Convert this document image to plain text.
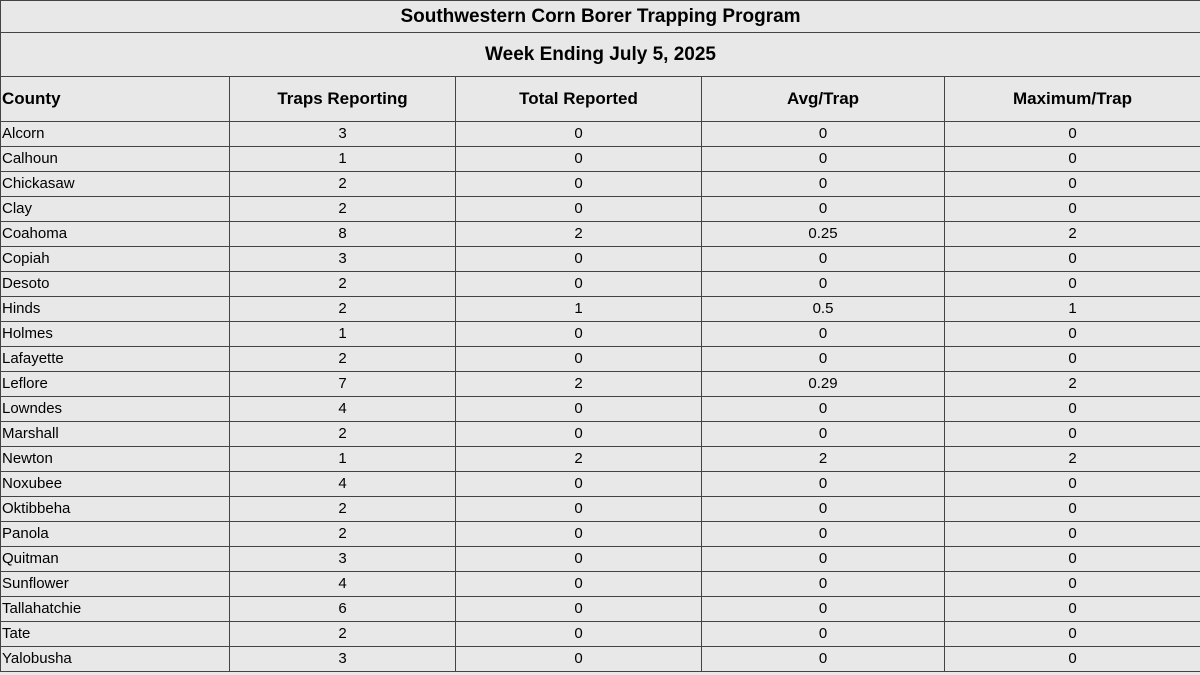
Southwestern Corn Borer Trapping Program				
Week Ending July 5, 2025				
County	Traps Reporting	Total Reported	Avg/Trap	Maximum/Trap
Alcorn	3	0	0	0
Calhoun	1	0	0	0
Chickasaw	2	0	0	0
Clay	2	0	0	0
Coahoma	8	2	0.25	2
Copiah	3	0	0	0
Desoto	2	0	0	0
Hinds	2	1	0.5	1
Holmes	1	0	0	0
Lafayette	2	0	0	0
Leflore	7	2	0.29	2
Lowndes	4	0	0	0
Marshall	2	0	0	0
Newton	1	2	2	2
Noxubee	4	0	0	0
Oktibbeha	2	0	0	0
Panola	2	0	0	0
Quitman	3	0	0	0
Sunflower	4	0	0	0
Tallahatchie	6	0	0	0
Tate	2	0	0	0
Yalobusha	3	0	0	0
